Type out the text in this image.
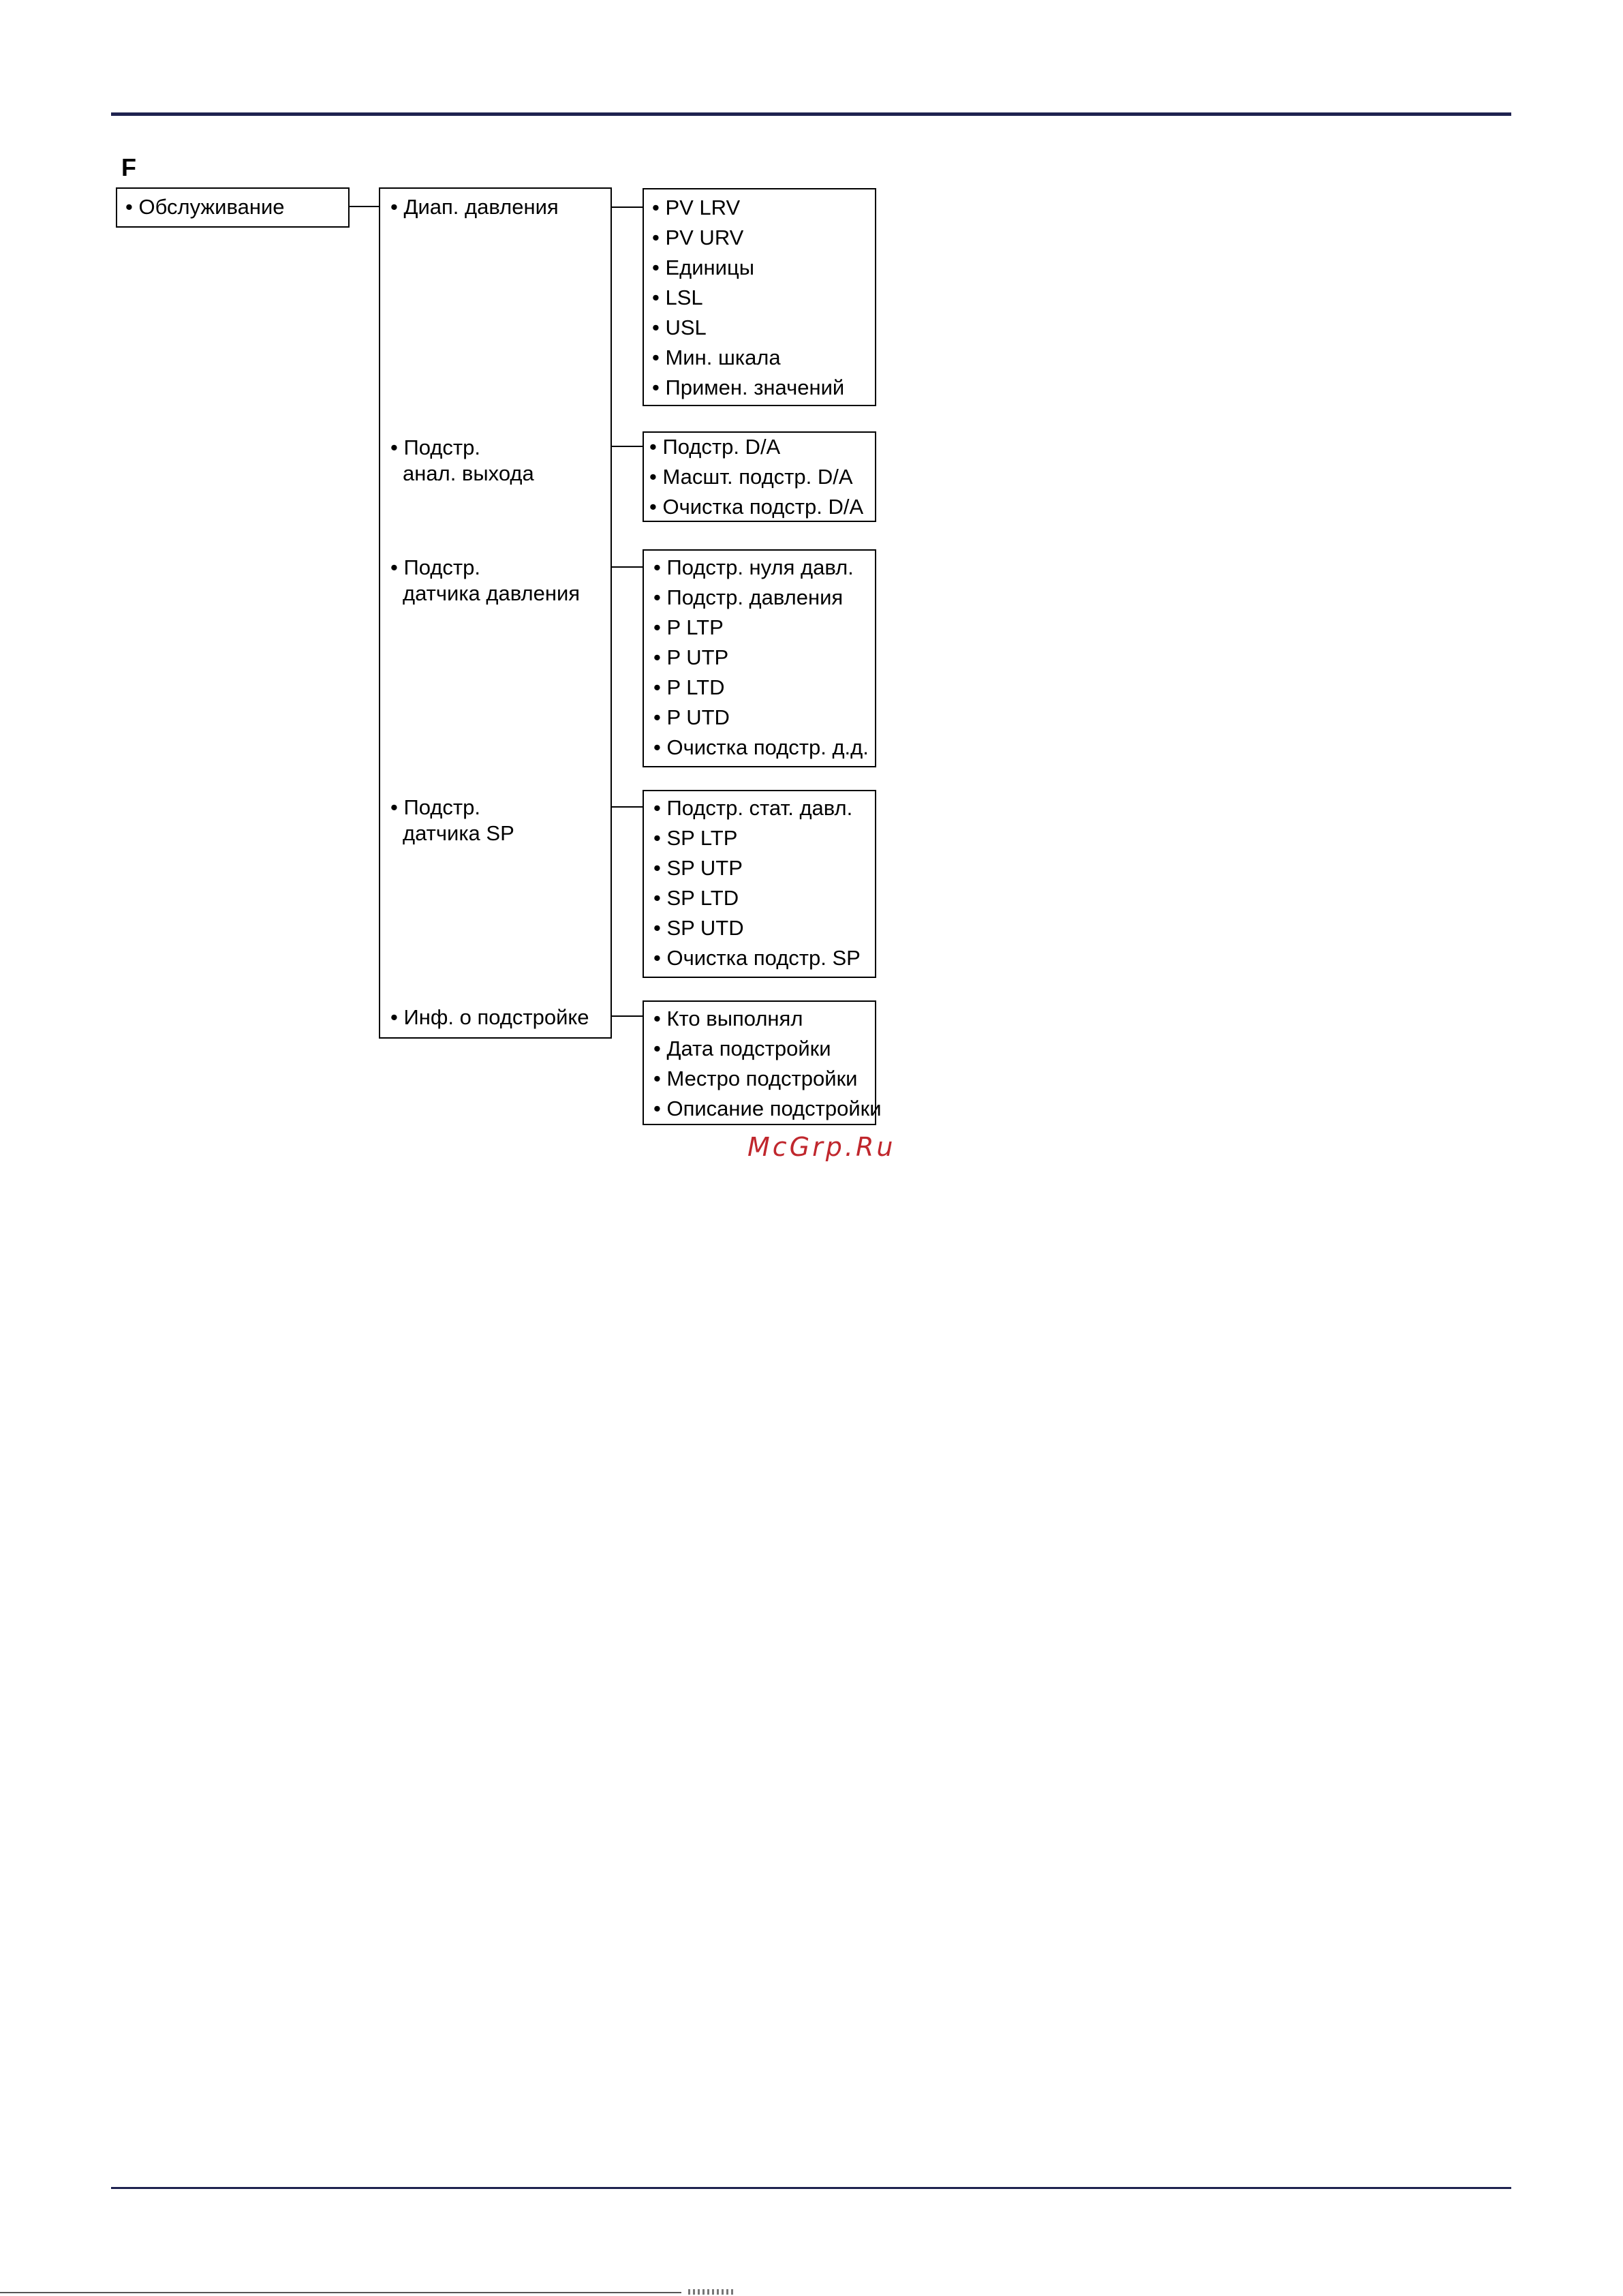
F
• Обслуживание	• Диап. давления
• Подстр.
анал. выхода
• Подстр.
датчика давления
• Подстр.
датчика SP
• Инф. о подстройке
• PV LRV
• PV URV
• Единицы
• LSL
• USL
• Мин. шкала
• Примен. значений
• Подстр. D/A
• Масшт. подстр. D/A
• Очистка подстр. D/A
• Подстр. нуля давл.
• Подстр. давления
• P LTP
• P UTP
• P LTD
• P UTD
• Очистка подстр. д.д.
• Подстр. стат. давл.
• SP LTP
• SP UTP
• SP LTD
• SP UTD
• Очистка подстр. SP
• Кто выполнял
• Дата подстройки
• Местро подстройки
• Описание подстройки
McGrp.Ru
